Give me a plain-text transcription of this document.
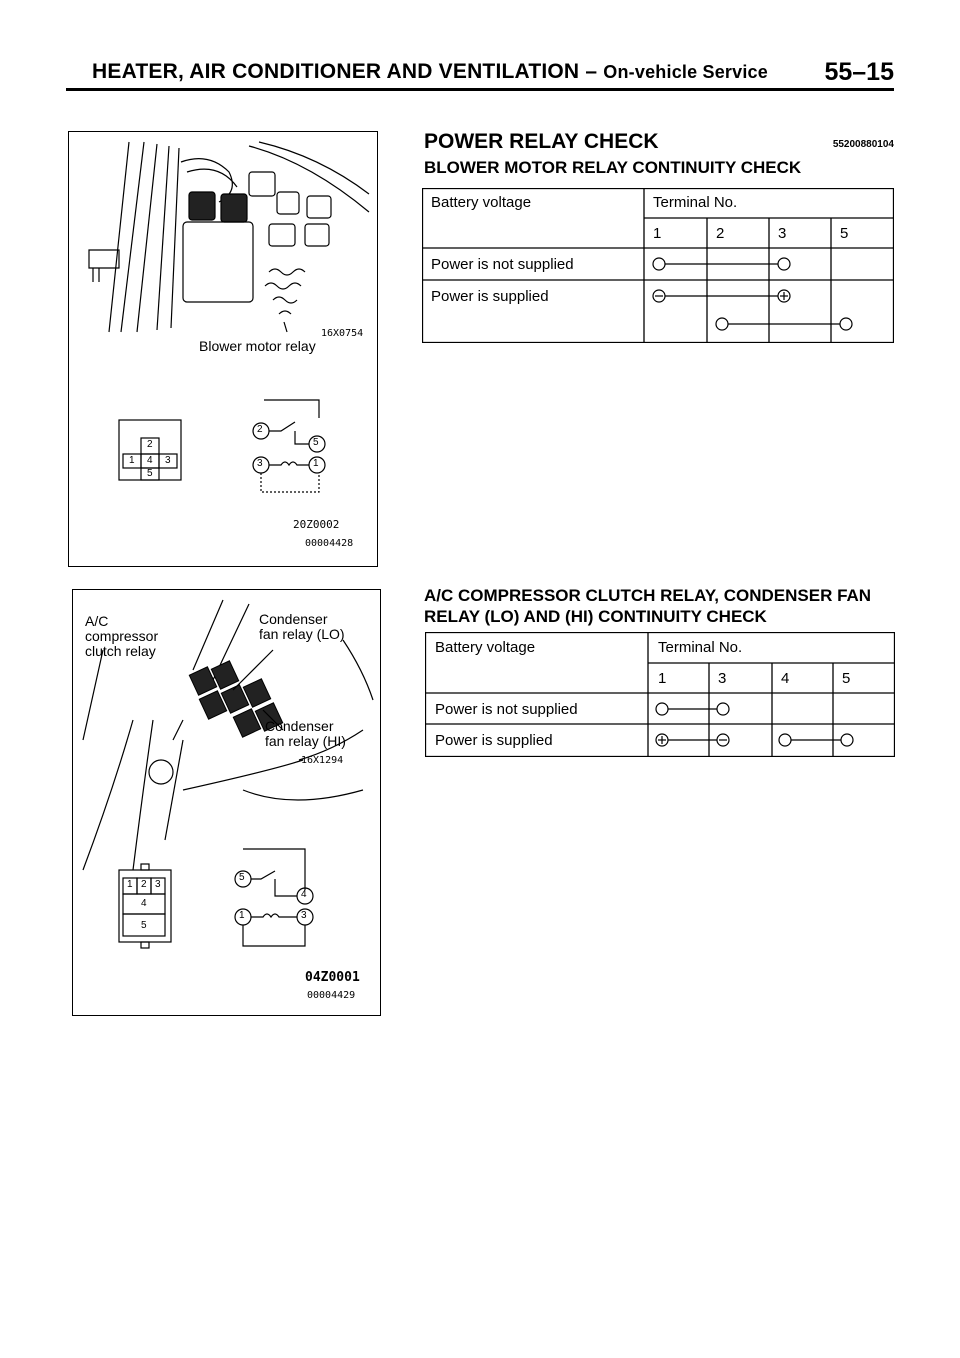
HEATER, AIR CONDITIONER AND VENTILATION – On-vehicle Service 55–15
Blower motor relay
16X0754
2
1 4 3
5
2
5
3	1
20Z0002
00004428
A/C
compressor
clutch relay
Condenser
fan relay (LO)
Condenser
fan relay (HI)
16X1294
1 2 3
4
5
5
4
1	3
04Z0001
00004429
POWER RELAY CHECK	55200880104
BLOWER MOTOR RELAY CONTINUITY CHECK
Battery voltage	Terminal No.
1	2	3	5
Power is not supplied
Power is supplied
A/C COMPRESSOR CLUTCH RELAY, CONDENSER FAN RELAY (LO) AND (HI) CONTINUITY CHECK
Battery voltage	Terminal No.
1	3	4	5
Power is not supplied
Power is supplied
